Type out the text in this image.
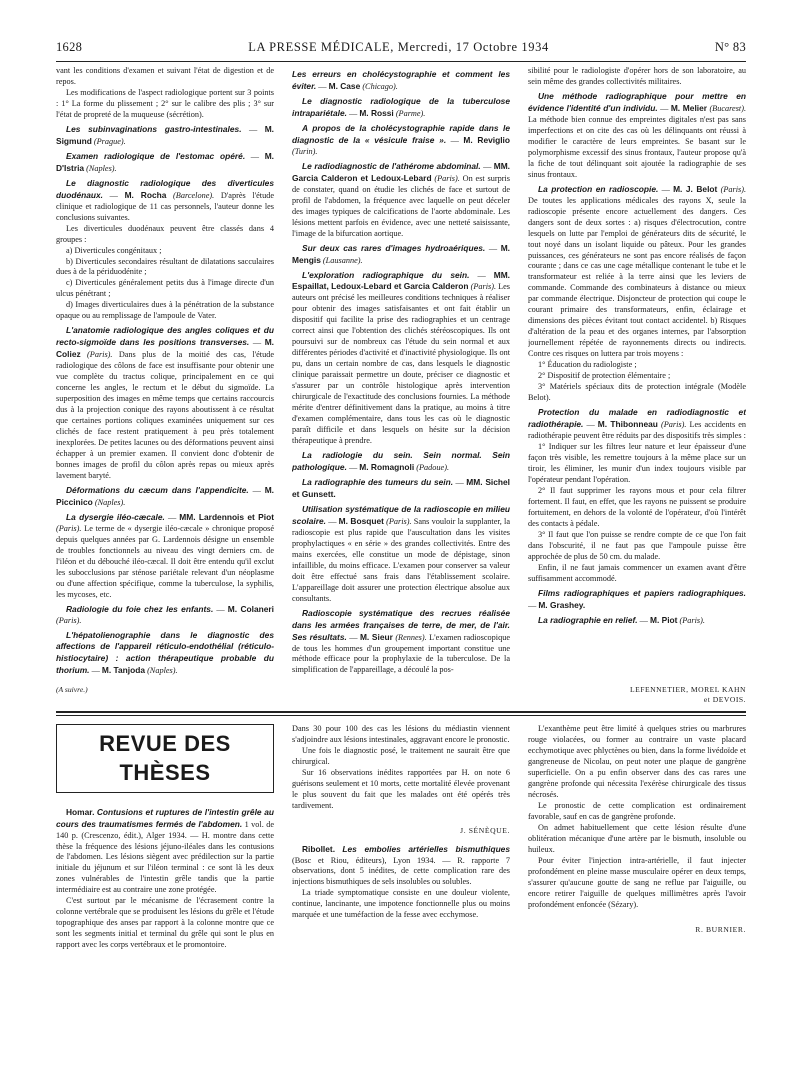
1628	LA PRESSE MÉDICALE, Mercredi, 17 Octobre 1934	N° 83

vant les conditions d'examen et suivant l'état de digestion et de repos.

Les modifications de l'aspect radiologique portent sur 3 points : 1° La forme du plissement ; 2° sur le calibre des plis ; 3° sur l'état de propreté de la muqueuse (sécrétion).

Les subinvaginations gastro-intestinales. — M. Sigmund (Prague).

Examen radiologique de l'estomac opéré. — M. D'Istria (Naples).

Le diagnostic radiologique des diverticules duodénaux. — M. Rocha (Barcelone). D'après l'étude clinique et radiologique de 11 cas personnels, l'auteur donne les conclusions suivantes.

Les diverticules duodénaux peuvent être classés dans 4 groupes :

a) Diverticules congénitaux ;

b) Diverticules secondaires résultant de dilatations sacculaires dues à de la périduodénite ;

c) Diverticules généralement petits dus à l'image directe d'un ulcus pénétrant ;

d) Images diverticulaires dues à la pénétration de la substance opaque ou au remplissage de l'ampoule de Vater.

L'anatomie radiologique des angles coliques et du recto-sigmoïde dans les positions transverses. — M. Coliez (Paris). Dans plus de la moitié des cas, l'étude radiologique des côlons de face est insuffisante pour obtenir une vue complète du tractus colique, principalement en ce qui concerne les angles, le rectum et le début du sigmoïde. La superposition des images en même temps que certains raccourcis dus à la projection conique des rayons aboutissent à ce résultat que certaines portions coliques examinées uniquement sur ces clichés de face restent pratiquement à peu près totalement inexplorées. De petites lacunes ou des déformations peuvent ainsi échapper à un premier examen. Il convient donc d'obtenir de bonnes images de profil du côlon après repas ou mieux après lavement baryté.

Déformations du cæcum dans l'appendicite. — M. Piccinico (Naples).

La dysergie iléo-cæcale. — MM. Lardennois et Piot (Paris). Le terme de « dysergie iléo-cæcale » chronique proposé depuis quelques années par G. Lardennois désigne un ensemble de troubles fonctionnels au niveau des vingt derniers cm. de l'iléon et du débouché iléo-cæcal. Il doit être entendu qu'il exclut les subocclusions par sténose pariétale relevant d'un néoplasme ou d'une affection spécifique, comme la tuberculose, la syphilis, les mycoses, etc.

Radiologie du foie chez les enfants. — M. Colaneri (Paris).

L'hépatolienographie dans le diagnostic des affections de l'appareil réticulo-endothélial (réticulo-histiocytaire) : action thérapeutique probable du thorium. — M. Tanjoda (Naples).

Les erreurs en cholécystographie et comment les éviter. — M. Case (Chicago).

Le diagnostic radiologique de la tuberculose intrapariétale. — M. Rossi (Parme).

A propos de la cholécystographie rapide dans le diagnostic de la « vésicule fraise ». — M. Reviglio (Turin).

Le radiodiagnostic de l'athérome abdominal. — MM. Garcia Calderon et Ledoux-Lebard (Paris). On est surpris de constater, quand on étudie les clichés de face et surtout de profil de l'abdomen, la fréquence avec laquelle on peut déceler des images typiques de calcifications de l'aorte abdominale. Les lésions mettent parfois en évidence, avec une netteté saisissante, l'image de la bifurcation aortique.

Sur deux cas rares d'images hydroaériques. — M. Mengis (Lausanne).

L'exploration radiographique du sein. — MM. Espaillat, Ledoux-Lebard et Garcia Calderon (Paris). Les auteurs ont précisé les meilleures conditions techniques à réaliser pour obtenir des images satisfaisantes et ont fait établir un dispositif qui facilite la prise des radiographies et un centrage correct ainsi que l'obtention des clichés stéréoscopiques. Ils ont poursuivi sur de nombreux cas l'étude du sein normal et aux différentes périodes d'activité et d'inactivité physiologique. Ils ont pu, dans un certain nombre de cas, dans lesquels le diagnostic clinique paraissait permettre un doute, préciser ce diagnostic et s'assurer par un contrôle histologique après intervention chirurgicale de l'exactitude des conclusions fournies. La méthode mérite d'entrer définitivement dans la pratique, au moins à titre d'examen complémentaire, dans tous les cas où le diagnostic paraît difficile et dans lesquels on hésite sur la décision thérapeutique à prendre.

La radiologie du sein. Sein normal. Sein pathologique. — M. Romagnoli (Padoue).

La radiographie des tumeurs du sein. — MM. Sichel et Gunsett.

Utilisation systématique de la radioscopie en milieu scolaire. — M. Bosquet (Paris). Sans vouloir la supplanter, la radioscopie est plus rapide que l'auscultation dans les visites prophylactiques « en série » des grandes collectivités. Entre des mains exercées, elle constitue un mode de dépistage, sinon infaillible, du moins efficace. L'examen pour conserver sa valeur doit être effectué sans frais dans l'établissement scolaire. L'appareillage doit assurer une protection électrique absolue aux consultants.

Radioscopie systématique des recrues réalisée dans les armées françaises de terre, de mer, de l'air. Ses résultats. — M. Sieur (Rennes). L'examen radioscopique de tous les hommes d'un groupement important constitue une méthode efficace pour la prophylaxie de la tuberculose. De la simplification de l'appareillage, a découlé la pos-

sibilité pour le radiologiste d'opérer hors de son laboratoire, au sein même des grandes collectivités militaires.

Une méthode radiographique pour mettre en évidence l'identité d'un individu. — M. Melier (Bucarest). La méthode bien connue des empreintes digitales n'est pas sans imperfections et on cite des cas où les délinquants ont réussi à modifier le caractère de leurs empreintes. Se basant sur le polymorphisme excessif des sinus frontaux, l'auteur propose qu'à la fiche de tout délinquant soit ajoutée la radiographie de ses sinus frontaux.

La protection en radioscopie. — M. J. Belot (Paris). De toutes les applications médicales des rayons X, seule la radioscopie présente encore actuellement des dangers. Ces dangers sont de deux sortes : a) risques d'électrocution, contre lesquels on lutte par l'emploi de générateurs dits de sécurité, le tout noyé dans un isolant liquide ou pâteux. Pour les grandes puissances, ces générateurs ne sont pas encore réalisés de façon courante ; dans ce cas une cage métallique contenant le tube et le transformateur est reliée à la terre ainsi que les leviers de commande. Commande des combinateurs à distance ou mieux par commande électrique. Disjoncteur de protection qui coupe le courant primaire des transformateurs, enfin, éclairage et dimensions des pièces évitant tout contact accidentel. b) Risques d'altération de la peau et des organes internes, par l'absorption journellement répétée de rayonnements directs ou indirects. Contre ces risques on luttera par trois moyens :

1° Éducation du radiologiste ;

2° Dispositif de protection élémentaire ;

3° Matériels spéciaux dits de protection intégrale (Modèle Belot).

Protection du malade en radiodiagnostic et radiothérapie. — M. Thibonneau (Paris). Les accidents en radiothérapie peuvent être réduits par des dispositifs très simples :

1° Indiquer sur les filtres leur nature et leur épaisseur d'une façon très visible, les remettre toujours à la même place sur un tiroir, les éliminer, les munir d'un index toujours visible par l'opérateur pendant l'opération.

2° Il faut supprimer les rayons mous et pour cela filtrer fortement. Il faut, en effet, que les rayons ne puissent se produire fortuitement, en dehors de la volonté de l'opérateur, d'où l'intérêt des contacts à pédale.

3° Il faut que l'on puisse se rendre compte de ce que l'on fait dans l'obscurité, il ne faut pas que l'ampoule puisse être approchée de plus de 50 cm. du malade.

Enfin, il ne faut jamais commencer un examen avant d'être suffisamment accommodé.

Films radiographiques et papiers radiographiques. — M. Grashey.

La radiographie en relief. — M. Piot (Paris).

(A suivre.)	LEFENNETIER, MOREL KAHN
et DEVOIS.
REVUE DES THÈSES

Homar. Contusions et ruptures de l'intestin grêle au cours des traumatismes fermés de l'abdomen. 1 vol. de 140 p. (Crescenzo, édit.), Alger 1934. — H. montre dans cette thèse la fréquence des lésions jéjuno-iléales dans les contusions de l'abdomen. Les lésions siègent avec prédilection sur la partie initiale du jéjunum et sur l'iléon terminal : ce sont là les deux zones vulnérables de l'intestin grêle tandis que la partie intermédiaire est au contraire une zone protégée.

C'est surtout par le mécanisme de l'écrasement contre la colonne vertébrale que se produisent les lésions du grêle et l'étude topographique des anses par rapport à la colonne montre que ce sont les segments initial et terminal du grêle qui sont le plus en rapport avec les corps vertébraux et le promontoire.

Dans 30 pour 100 des cas les lésions du médiastin viennent s'adjoindre aux lésions intestinales, aggravant encore le pronostic.

Une fois le diagnostic posé, le traitement ne saurait être que chirurgical.

Sur 16 observations inédites rapportées par H. on note 6 guérisons seulement et 10 morts, cette mortalité élevée provenant le plus souvent du fait que les malades ont été opérés très tardivement.

J. SÉNÈQUE.

Ribollet. Les embolies artérielles bismuthiques (Bosc et Riou, éditeurs), Lyon 1934. — R. rapporte 7 observations, dont 5 inédites, de cette complication rare des injections bismuthiques de sels insolubles ou solubles.

La triade symptomatique consiste en une douleur violente, continue, lancinante, une impotence fonctionnelle plus ou moins marquée et une tuméfaction de la fesse avec ecchymose.

L'exanthème peut être limité à quelques stries ou marbrures rouge violacées, ou former au contraire un vaste placard ecchymotique avec phlyctènes ou bien, dans la forme livédoïde et gangreneuse de Nicolau, on peut noter une plaque de gangrène superficielle. On a pu enfin observer dans des cas rares une gangrène profonde qui nécessita l'exérèse chirurgicale des tissus nécrosés.

Le pronostic de cette complication est ordinairement favorable, sauf en cas de gangrène profonde.

On admet habituellement que cette lésion résulte d'une oblitération mécanique d'une artère par le bismuth, insoluble ou huileux.

Pour éviter l'injection intra-artérielle, il faut injecter profondément en pleine masse musculaire opérer en deux temps, s'assurer qu'aucune goutte de sang ne reflue par l'aiguille, ou encore retirer l'aiguille de quelques millimètres après l'avoir profondément enfoncée (Sézary).

R. BURNIER.
